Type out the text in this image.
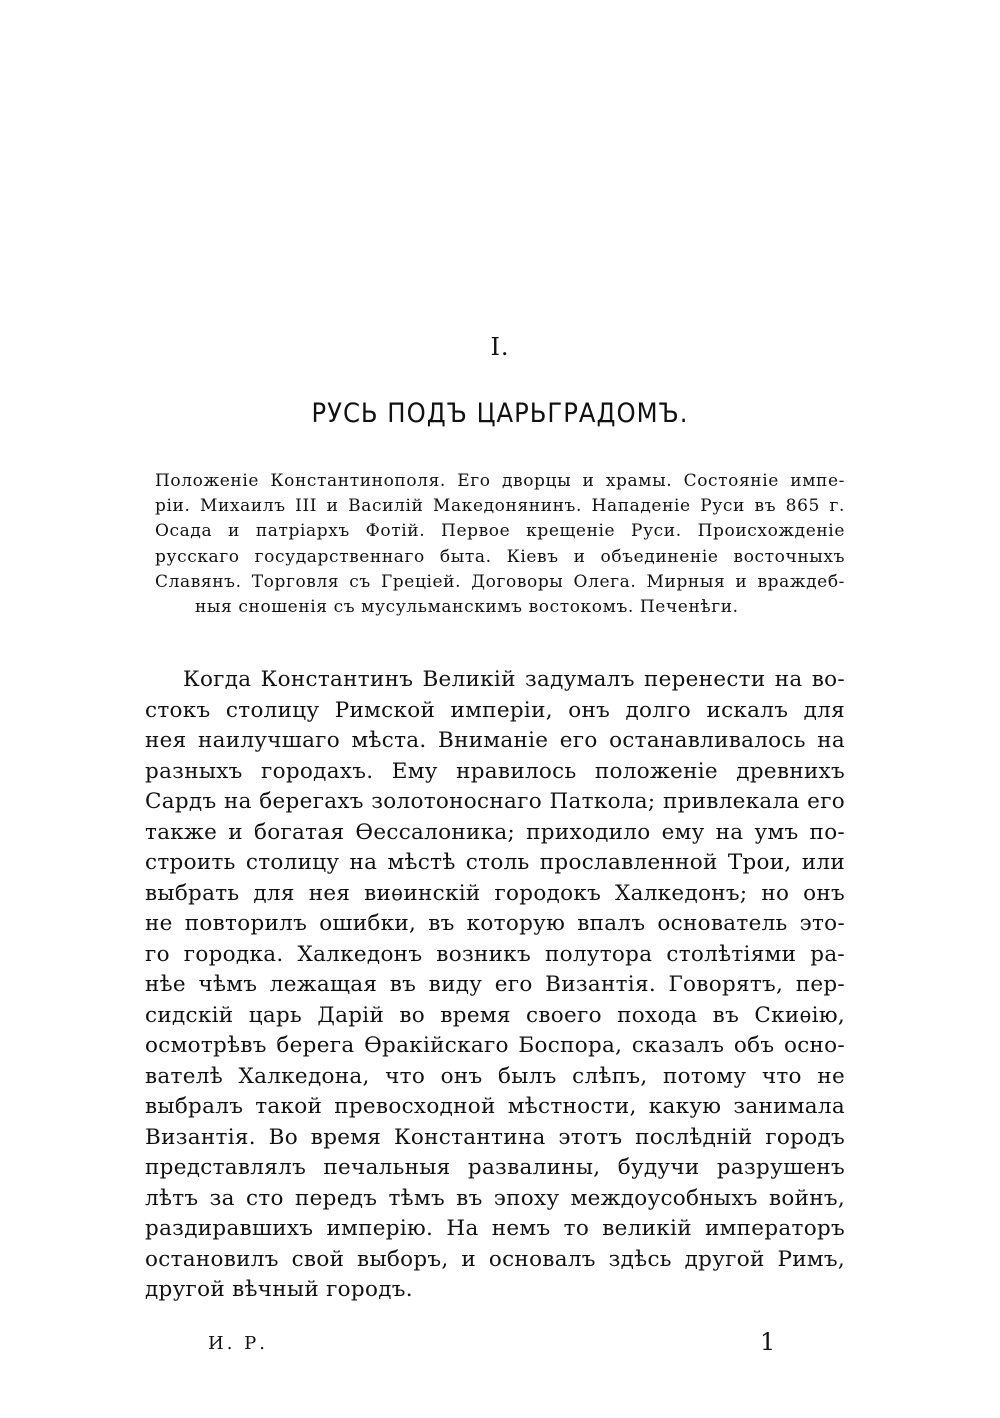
I.
РУСЬ ПОДЪ ЦАРЬГРАДОМЪ.
Положенiе Константинополя. Его дворцы и храмы. Состоянiе импе-
рiи. Михаилъ III и Василiй Македонянинъ. Нападенiе Руси въ 865 г.
Осада и патрiархъ Фотiй. Первое крещенiе Руси. Происхожденiе
русскаго государственнаго быта. Кiевъ и объединенiе восточныхъ
Славянъ. Торговля съ Грецiей. Договоры Олега. Мирныя и враждеб-
ныя сношенiя съ мусульманскимъ востокомъ. Печенѣги.
Когда Константинъ Великiй задумалъ перенести на во-
стокъ столицу Римской имперiи, онъ долго искалъ для
нея наилучшаго мѣста. Вниманiе его останавливалось на
разныхъ городахъ. Ему нравилось положенiе древнихъ
Сардъ на берегахъ золотоноснаго Паткола; привлекала его
также и богатая Ѳессалоника; приходило ему на умъ по-
строить столицу на мѣстѣ столь прославленной Трои, или
выбрать для нея виѳинскiй городокъ Халкедонъ; но онъ
не повторилъ ошибки, въ которую впалъ основатель это-
го городка. Халкедонъ возникъ полутора столѣтiями ра-
нѣе чѣмъ лежащая въ виду его Византiя. Говорятъ, пер-
сидскiй царь Дарiй во время своего похода въ Скиѳiю,
осмотрѣвъ берега Ѳракiйскаго Боспора, сказалъ объ осно-
вателѣ Халкедона, что онъ былъ слѣпъ, потому что не
выбралъ такой превосходной мѣстности, какую занимала
Византiя. Во время Константина этотъ послѣднiй городъ
представлялъ печальныя развалины, будучи разрушенъ
лѣтъ за сто передъ тѣмъ въ эпоху междоусобныхъ войнъ,
раздиравшихъ имперiю. На немъ то великiй императоръ
остановилъ свой выборъ, и основалъ здѣсь другой Римъ,
другой вѣчный городъ.
И. Р.	1
